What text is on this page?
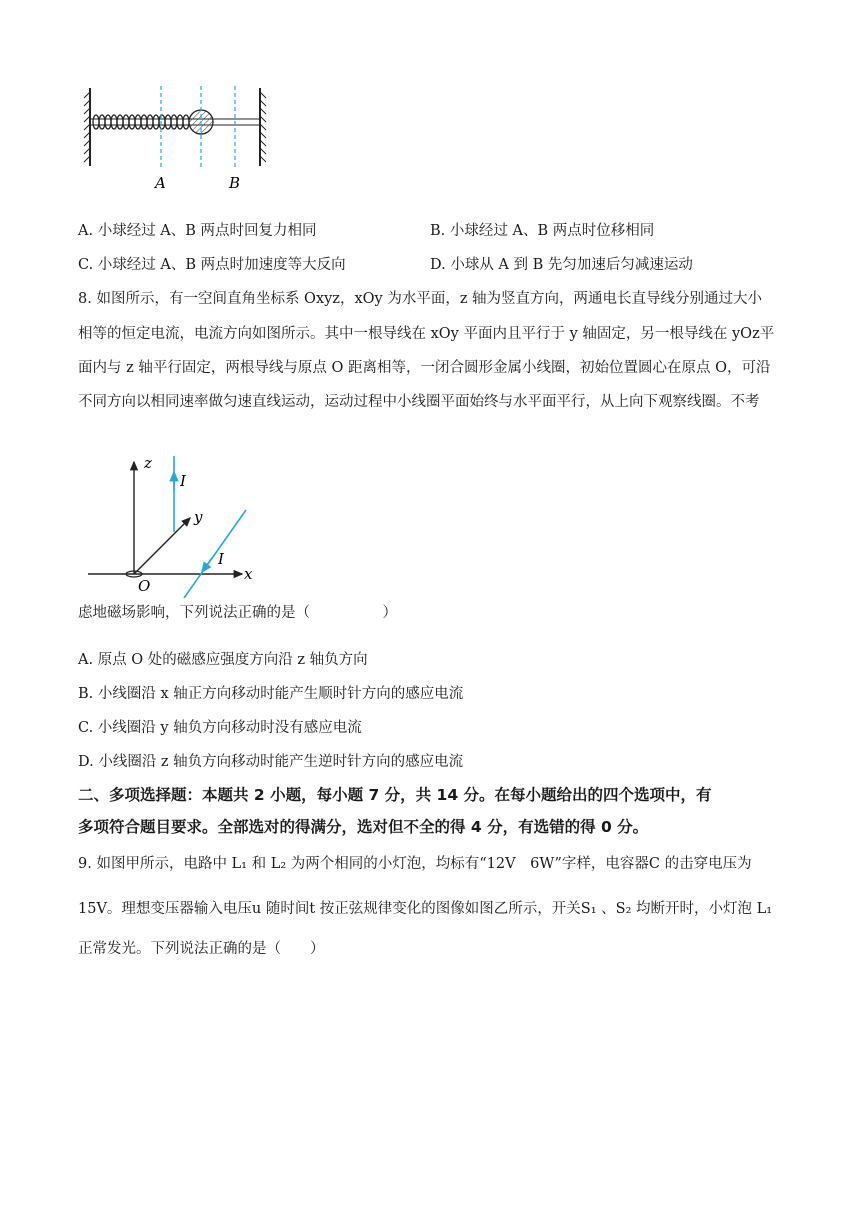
A	B
A. 小球经过 A、B 两点时回复力相同	B. 小球经过 A、B 两点时位移相同
C. 小球经过 A、B 两点时加速度等大反向	D. 小球从 A 到 B 先匀加速后匀减速运动
8. 如图所示，有一空间直角坐标系 Oxyz，xOy 为水平面，z 轴为竖直方向，两通电长直导线分别通过大小
相等的恒定电流，电流方向如图所示。其中一根导线在 xOy 平面内且平行于 y 轴固定，另一根导线在 yOz平
面内与 z 轴平行固定，两根导线与原点 O 距离相等，一闭合圆形金属小线圈，初始位置圆心在原点 O，可沿
不同方向以相同速率做匀速直线运动，运动过程中小线圈平面始终与水平面平行，从上向下观察线圈。不考
z
y
x
O
I
I
虑地磁场影响，下列说法正确的是（　　　　　）
A. 原点 O 处的磁感应强度方向沿 z 轴负方向
B. 小线圈沿 x 轴正方向移动时能产生顺时针方向的感应电流
C. 小线圈沿 y 轴负方向移动时没有感应电流
D. 小线圈沿 z 轴负方向移动时能产生逆时针方向的感应电流
二、多项选择题：本题共 2 小题，每小题 7 分，共 14 分。在每小题给出的四个选项中，有
多项符合题目要求。全部选对的得满分，选对但不全的得 4 分，有选错的得 0 分。
9. 如图甲所示，电路中 L₁ 和 L₂ 为两个相同的小灯泡，均标有“12V　6W”字样，电容器C 的击穿电压为
15V。理想变压器输入电压u 随时间t 按正弦规律变化的图像如图乙所示，开关S₁ 、S₂ 均断开时，小灯泡 L₁
正常发光。下列说法正确的是（　　）
